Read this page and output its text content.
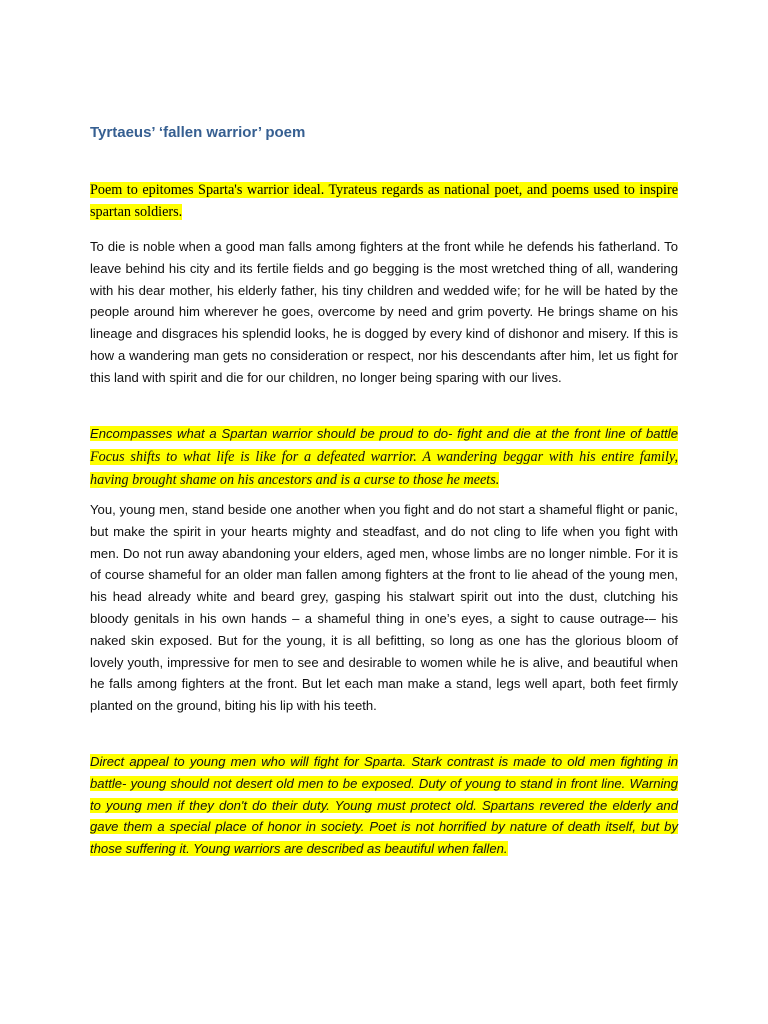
Tyrtaeus’ ‘fallen warrior’ poem

Poem to epitomes Sparta's warrior ideal. Tyrateus regards as national poet, and poems used to inspire spartan soldiers.

To die is noble when a good man falls among fighters at the front while he defends his fatherland. To leave behind his city and its fertile fields and go begging is the most wretched thing of all, wandering with his dear mother, his elderly father, his tiny children and wedded wife; for he will be hated by the people around him wherever he goes, overcome by need and grim poverty. He brings shame on his lineage and disgraces his splendid looks, he is dogged by every kind of dishonor and misery. If this is how a wandering man gets no consideration or respect, nor his descendants after him, let us fight for this land with spirit and die for our children, no longer being sparing with our lives.

Encompasses what a Spartan warrior should be proud to do- fight and die at the front line of battle Focus shifts to what life is like for a defeated warrior. A wandering beggar with his entire family, having brought shame on his ancestors and is a curse to those he meets.

You, young men, stand beside one another when you fight and do not start a shameful flight or panic, but make the spirit in your hearts mighty and steadfast, and do not cling to life when you fight with men. Do not run away abandoning your elders, aged men, whose limbs are no longer nimble. For it is of course shameful for an older man fallen among fighters at the front to lie ahead of the young men, his head already white and beard grey, gasping his stalwart spirit out into the dust, clutching his bloody genitals in his own hands – a shameful thing in one’s eyes, a sight to cause outrage-– his naked skin exposed. But for the young, it is all befitting, so long as one has the glorious bloom of lovely youth, impressive for men to see and desirable to women while he is alive, and beautiful when he falls among fighters at the front. But let each man make a stand, legs well apart, both feet firmly planted on the ground, biting his lip with his teeth.

Direct appeal to young men who will fight for Sparta. Stark contrast is made to old men fighting in battle- young should not desert old men to be exposed. Duty of young to stand in front line. Warning to young men if they don't do their duty. Young must protect old. Spartans revered the elderly and gave them a special place of honor in society. Poet is not horrified by nature of death itself, but by those suffering it. Young warriors are described as beautiful when fallen.
